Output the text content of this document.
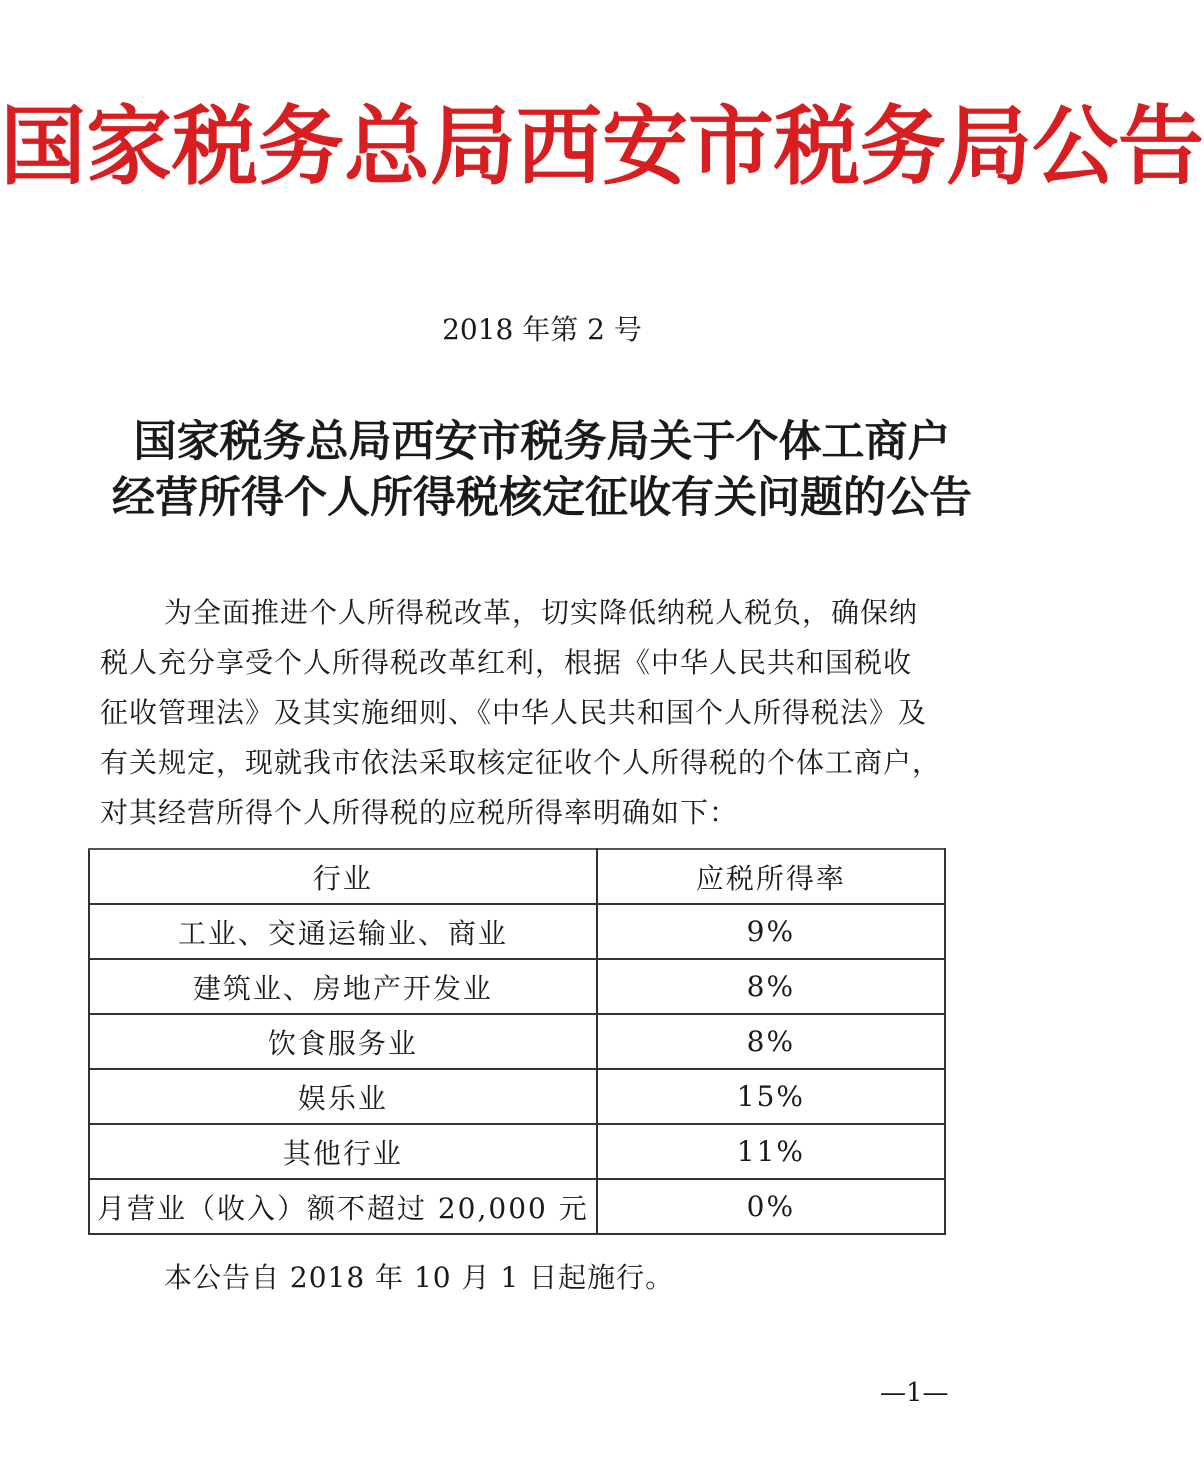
国家税务总局西安市税务局公告
2018 年第 2 号
国家税务总局西安市税务局关于个体工商户
经营所得个人所得税核定征收有关问题的公告
为全面推进个人所得税改革，切实降低纳税人税负，确保纳
税人充分享受个人所得税改革红利，根据《中华人民共和国税收
征收管理法》及其实施细则、《中华人民共和国个人所得税法》及
有关规定，现就我市依法采取核定征收个人所得税的个体工商户，
对其经营所得个人所得税的应税所得率明确如下：
行业	应税所得率
工业、交通运输业、商业	9%
建筑业、房地产开发业	8%
饮食服务业	8%
娱乐业	15%
其他行业	11%
月营业（收入）额不超过 20,000 元	0%
本公告自 2018 年 10 月 1 日起施行。
—1—
